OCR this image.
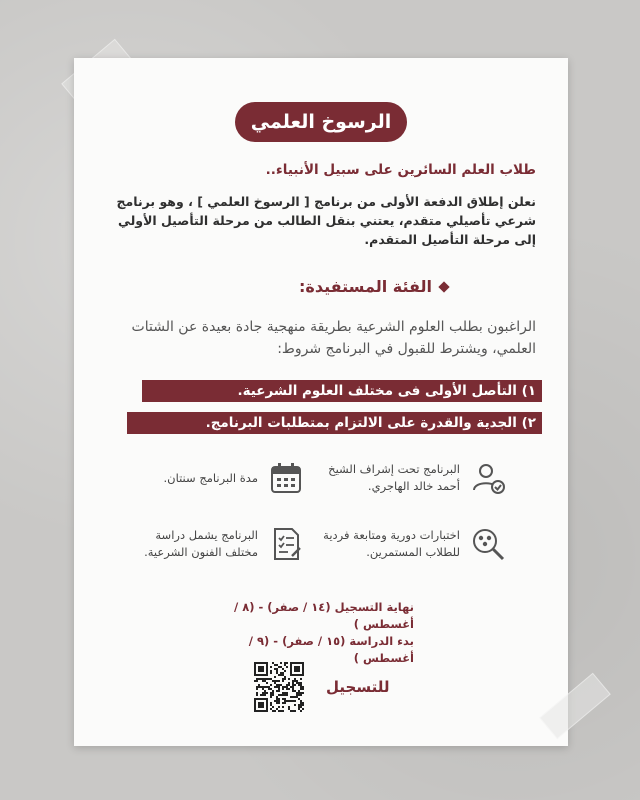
الرسوخ العلمي
طلاب العلم السائرين على سبيل الأنبياء..
نعلن إطلاق الدفعة الأولى من برنامج [ الرسوخ العلمي ] ، وهو برنامج شرعي تأصيلي متقدم، يعتني بنقل الطالب من مرحلة التأصيل الأولي إلى مرحلة التأصيل المتقدم.
الفئة المستفيدة:
الراغبون بطلب العلوم الشرعية بطريقة منهجية جادة بعيدة عن الشتات العلمي، ويشترط للقبول في البرنامج شروط:
١) التأصل الأولى فى مختلف العلوم الشرعية.
٢) الجدية والقدرة على الالتزام بمتطلبات البرنامج.
البرنامج تحت إشراف الشيخ أحمد خالد الهاجري.
مدة البرنامج سنتان.
اختبارات دورية ومتابعة فردية للطلاب المستمرين.
البرنامج يشمل دراسة مختلف الفنون الشرعية.
نهاية التسجيل (١٤ / صفر) - (٨ / أغسطس )
بدء الدراسة (١٥ / صفر) - (٩ / أغسطس )
للتسجيل
